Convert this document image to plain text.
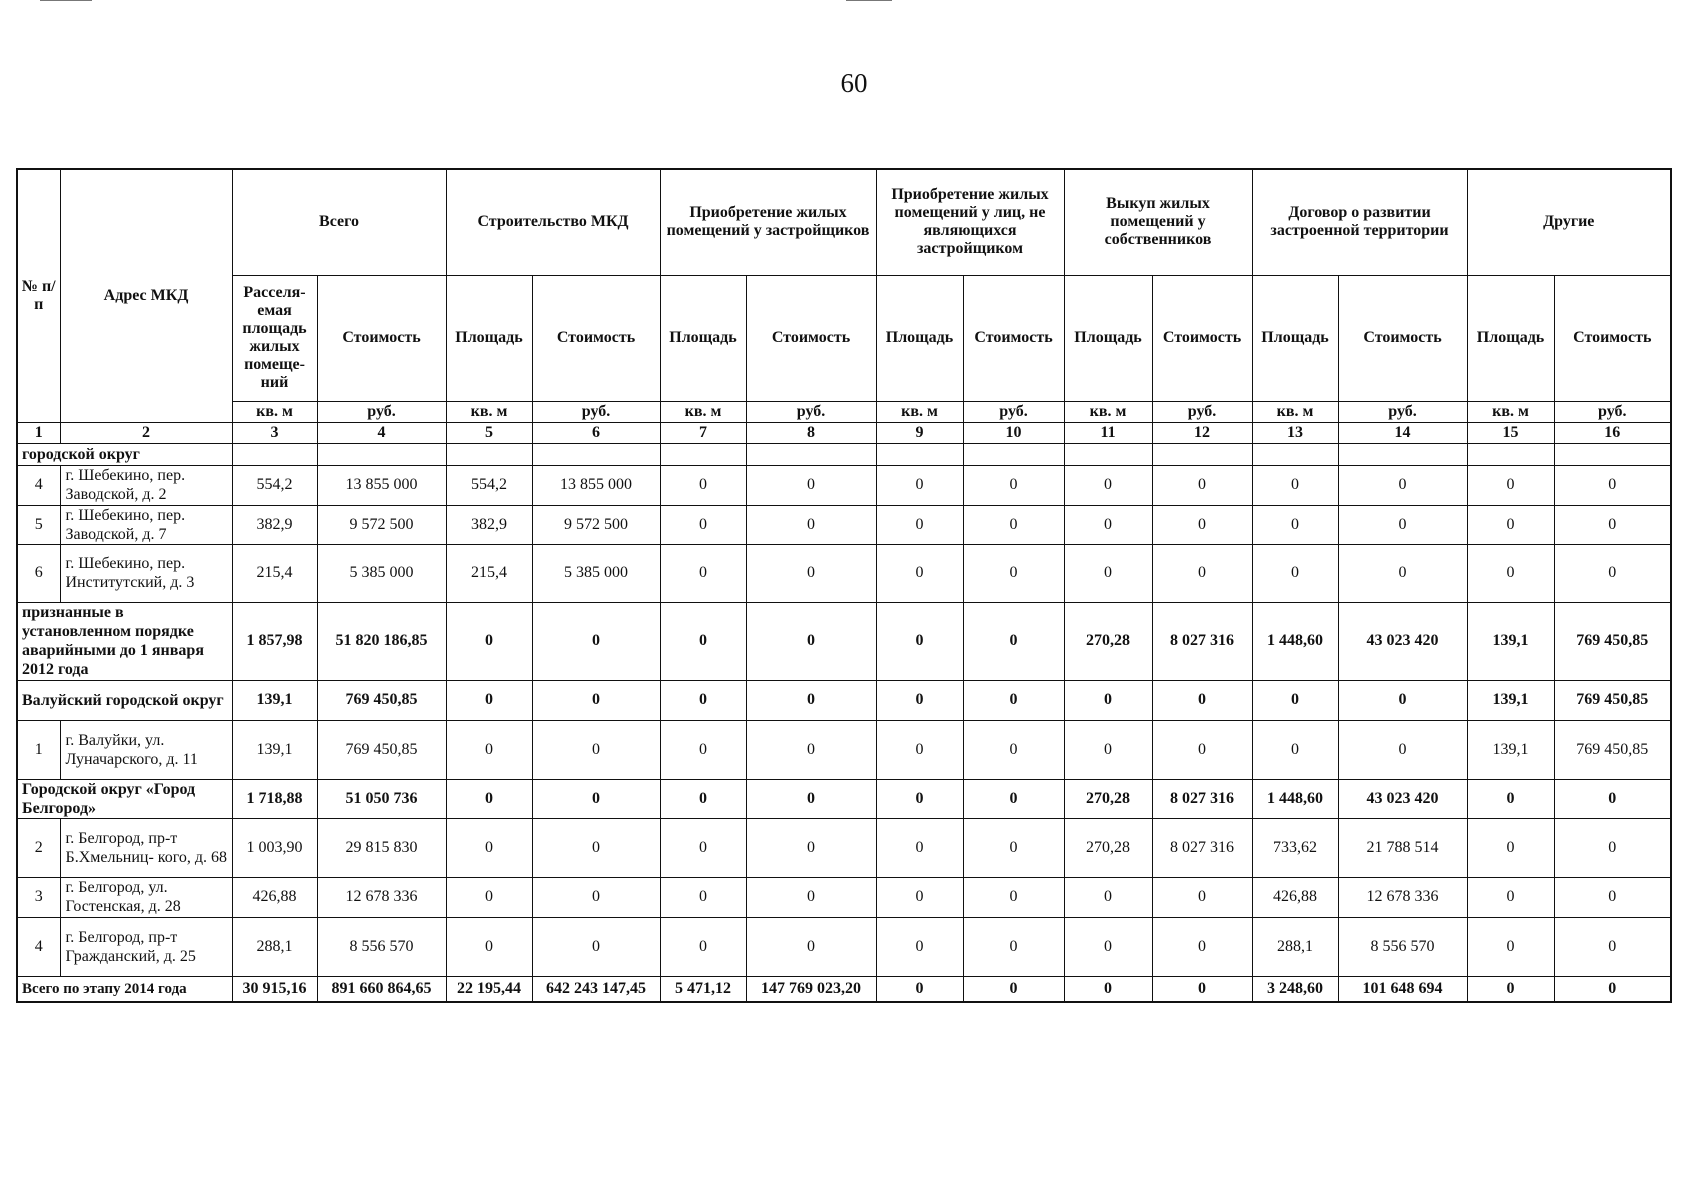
60
№ п/п	Адрес МКД	Всего		Строительство МКД		Приобретение жилых помещений у застройщиков		Приобретение жилых помещений у лиц, не являющихся застройщиком		Выкуп жилых помещений у собственников		Договор о развитии застроенной территории		Другие	
		Расселя- емая площадь жилых помеще- ний	Стоимость	Площадь	Стоимость	Площадь	Стоимость	Площадь	Стоимость	Площадь	Стоимость	Площадь	Стоимость	Площадь	Стоимость
		кв. м	руб.	кв. м	руб.	кв. м	руб.	кв. м	руб.	кв. м	руб.	кв. м	руб.	кв. м	руб.
1	2	3	4	5	6	7	8	9	10	11	12	13	14	15	16
городской округ															
4	г. Шебекино, пер. Заводской, д. 2	554,2	13 855 000	554,2	13 855 000	0	0	0	0	0	0	0	0	0	0
5	г. Шебекино, пер. Заводской, д. 7	382,9	9 572 500	382,9	9 572 500	0	0	0	0	0	0	0	0	0	0
6	г. Шебекино, пер. Институтский, д. 3	215,4	5 385 000	215,4	5 385 000	0	0	0	0	0	0	0	0	0	0
признанные в установленном порядке аварийными до 1 января 2012 года		1 857,98	51 820 186,85	0	0	0	0	0	0	270,28	8 027 316	1 448,60	43 023 420	139,1	769 450,85
Валуйский городской округ		139,1	769 450,85	0	0	0	0	0	0	0	0	0	0	139,1	769 450,85
1	г. Валуйки, ул. Луначарского, д. 11	139,1	769 450,85	0	0	0	0	0	0	0	0	0	0	139,1	769 450,85
Городской округ «Город Белгород»		1 718,88	51 050 736	0	0	0	0	0	0	270,28	8 027 316	1 448,60	43 023 420	0	0
2	г. Белгород, пр-т Б.Хмельниц- кого, д. 68	1 003,90	29 815 830	0	0	0	0	0	0	270,28	8 027 316	733,62	21 788 514	0	0
3	г. Белгород, ул. Гостенская, д. 28	426,88	12 678 336	0	0	0	0	0	0	0	0	426,88	12 678 336	0	0
4	г. Белгород, пр-т Гражданский, д. 25	288,1	8 556 570	0	0	0	0	0	0	0	0	288,1	8 556 570	0	0
Всего по этапу 2014 года		30 915,16	891 660 864,65	22 195,44	642 243 147,45	5 471,12	147 769 023,20	0	0	0	0	3 248,60	101 648 694	0	0
